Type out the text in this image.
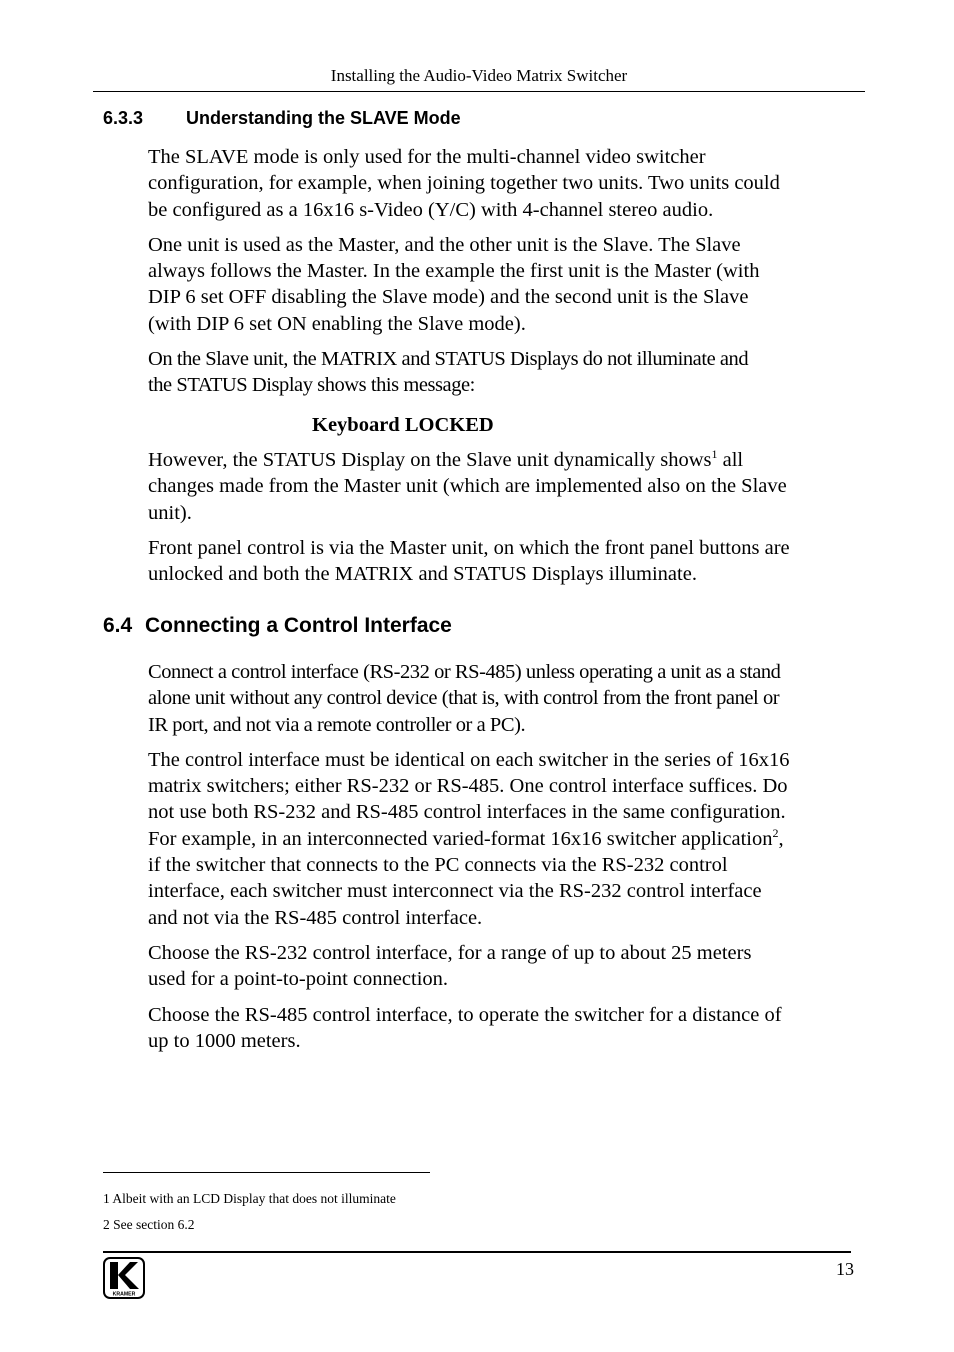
Installing the Audio-Video Matrix Switcher
6.3.3 Understanding the SLAVE Mode

The SLAVE mode is only used for the multi-channel video switcher
configuration, for example, when joining together two units. Two units could
be configured as a 16x16 s-Video (Y/C) with 4-channel stereo audio.

One unit is used as the Master, and the other unit is the Slave. The Slave
always follows the Master. In the example the first unit is the Master (with
DIP 6 set OFF disabling the Slave mode) and the second unit is the Slave
(with DIP 6 set ON enabling the Slave mode).

On the Slave unit, the MATRIX and STATUS Displays do not illuminate and
the STATUS Display shows this message:

Keyboard LOCKED

However, the STATUS Display on the Slave unit dynamically shows$^1$ all
changes made from the Master unit (which are implemented also on the Slave
unit).

Front panel control is via the Master unit, on which the front panel buttons are
unlocked and both the MATRIX and STATUS Displays illuminate.

6.4 Connecting a Control Interface

Connect a control interface (RS-232 or RS-485) unless operating a unit as a stand
alone unit without any control device (that is, with control from the front panel or
IR port, and not via a remote controller or a PC).

The control interface must be identical on each switcher in the series of 16x16
matrix switchers; either RS-232 or RS-485. One control interface suffices. Do
not use both RS-232 and RS-485 control interfaces in the same configuration.
For example, in an interconnected varied-format 16x16 switcher application$^2$,
if the switcher that connects to the PC connects via the RS-232 control
interface, each switcher must interconnect via the RS-232 control interface
and not via the RS-485 control interface.

Choose the RS-232 control interface, for a range of up to about 25 meters
used for a point-to-point connection.

Choose the RS-485 control interface, to operate the switcher for a distance of
up to 1000 meters.

1 Albeit with an LCD Display that does not illuminate

2 See section 6.2

13
KRAMER
